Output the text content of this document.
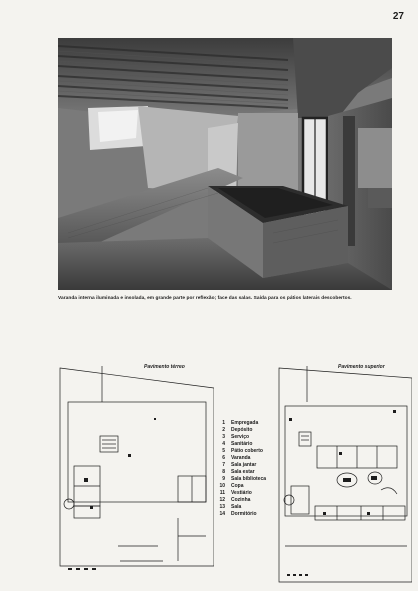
27
Varanda interna iluminada e insolada, em grande parte por reflexão; face das salas. Saída para os pátios laterais descobertos.
Pavimento térreo	Pavimento superior
1 Empregada
2 Depósito
3 Serviço
4 Sanitário
5 Pátio coberto
6 Varanda
7 Sala jantar
8 Sala estar
9 Sala biblioteca
10 Copa
11 Vestiário
12 Cozinha
13 Sala
14 Dormitório
